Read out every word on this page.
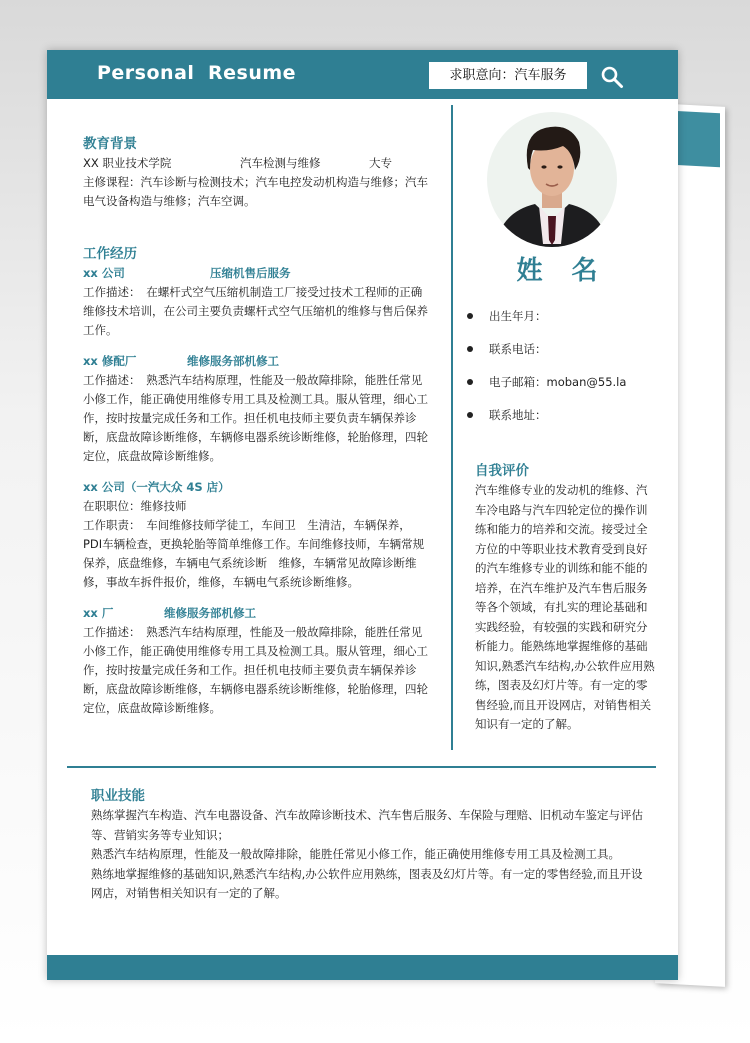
Personal Resume	求职意向：汽车服务
教育背景
XX 职业技术学院	汽车检测与维修	大专

主修课程：汽车诊断与检测技术；汽车电控发动机构造与维修；汽车电气设备构造与维修；汽车空调。

工作经历
xx 公司	压缩机售后服务

工作描述：　在螺杆式空气压缩机制造工厂接受过技术工程师的正确维修技术培训，在公司主要负责螺杆式空气压缩机的维修与售后保养工作。

xx 修配厂	维修服务部机修工

工作描述：　熟悉汽车结构原理，性能及一般故障排除，能胜任常见小修工作，能正确使用维修专用工具及检测工具。服从管理，细心工作，按时按量完成任务和工作。担任机电技师主要负责车辆保养诊断，底盘故障诊断维修，车辆修电器系统诊断维修，轮胎修理，四轮定位，底盘故障诊断维修。

xx 公司（一汽大众 4S 店）

在职职位：维修技师

工作职责：　车间维修技师学徒工，车间卫　生清洁，车辆保养，PDI车辆检查，更换轮胎等简单维修工作。车间维修技师，车辆常规保养，底盘维修，车辆电气系统诊断　维修，车辆常见故障诊断维修，事故车拆件报价，维修，车辆电气系统诊断维修。

xx 厂	维修服务部机修工

工作描述：　熟悉汽车结构原理，性能及一般故障排除，能胜任常见小修工作，能正确使用维修专用工具及检测工具。服从管理，细心工作，按时按量完成任务和工作。担任机电技师主要负责车辆保养诊断，底盘故障诊断维修，车辆修电器系统诊断维修，轮胎修理，四轮定位，底盘故障诊断维修。

姓 名
出生年月：
联系电话：
电子邮箱：moban@55.la
联系地址：
自我评价

汽车维修专业的发动机的维修、汽车冷电路与汽车四轮定位的操作训练和能力的培养和交流。接受过全方位的中等职业技术教育受到良好的汽车维修专业的训练和能不能的培养，在汽车维护及汽车售后服务等各个领域，有扎实的理论基础和实践经验，有较强的实践和研究分析能力。能熟练地掌握维修的基础知识,熟悉汽车结构,办公软件应用熟练，图表及幻灯片等。有一定的零售经验,而且开设网店，对销售相关知识有一定的了解。

职业技能

熟练掌握汽车构造、汽车电器设备、汽车故障诊断技术、汽车售后服务、车保险与理赔、旧机动车鉴定与评估等、营销实务等专业知识；

熟悉汽车结构原理，性能及一般故障排除，能胜任常见小修工作，能正确使用维修专用工具及检测工具。

熟练地掌握维修的基础知识,熟悉汽车结构,办公软件应用熟练，图表及幻灯片等。有一定的零售经验,而且开设网店，对销售相关知识有一定的了解。
